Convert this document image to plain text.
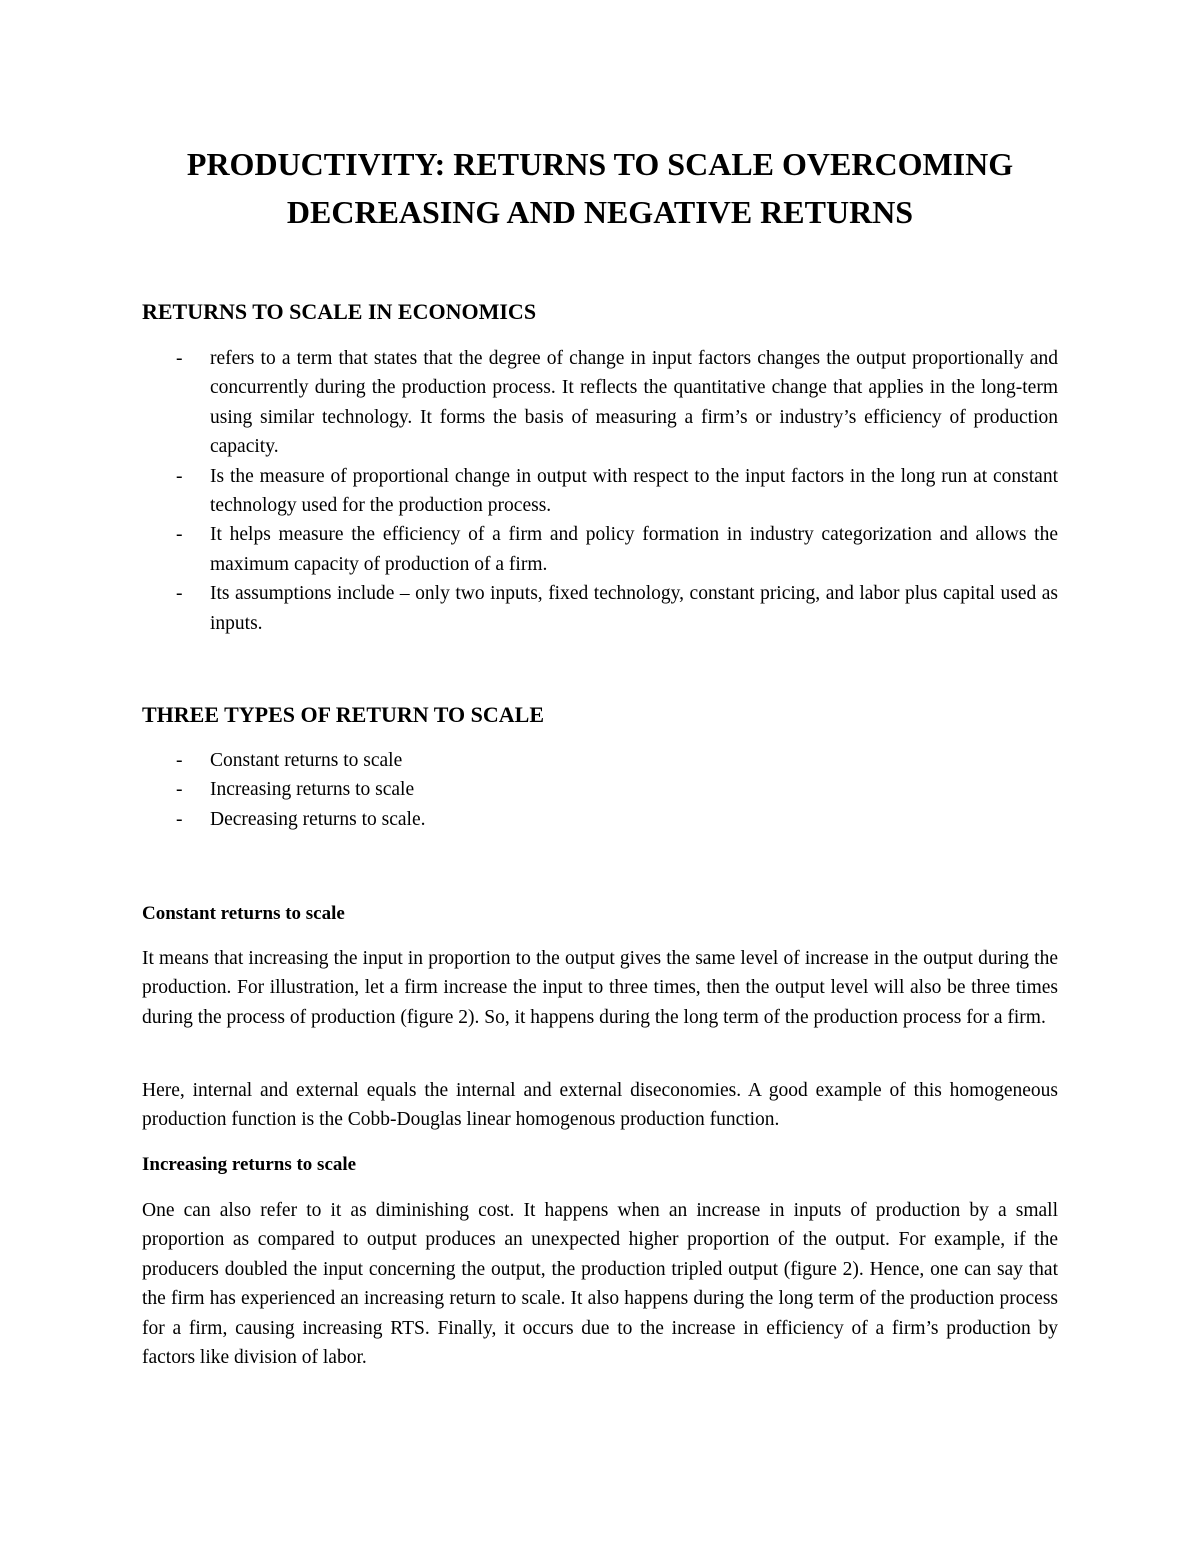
PRODUCTIVITY: RETURNS TO SCALE OVERCOMING
DECREASING AND NEGATIVE RETURNS
RETURNS TO SCALE IN ECONOMICS
- refers to a term that states that the degree of change in input factors changes the output proportionally and concurrently during the production process. It reflects the quantitative change that applies in the long-term using similar technology. It forms the basis of measuring a firm’s or industry’s efficiency of production capacity.
- Is the measure of proportional change in output with respect to the input factors in the long run at constant technology used for the production process.
- It helps measure the efficiency of a firm and policy formation in industry categorization and allows the maximum capacity of production of a firm.
- Its assumptions include – only two inputs, fixed technology, constant pricing, and labor plus capital used as inputs.
THREE TYPES OF RETURN TO SCALE
- Constant returns to scale
- Increasing returns to scale
- Decreasing returns to scale.
Constant returns to scale

It means that increasing the input in proportion to the output gives the same level of increase in the output during the production. For illustration, let a firm increase the input to three times, then the output level will also be three times during the process of production (figure 2). So, it happens during the long term of the production process for a firm.

Here, internal and external equals the internal and external diseconomies. A good example of this homogeneous production function is the Cobb-Douglas linear homogenous production function.

Increasing returns to scale

One can also refer to it as diminishing cost. It happens when an increase in inputs of production by a small proportion as compared to output produces an unexpected higher proportion of the output. For example, if the producers doubled the input concerning the output, the production tripled output (figure 2). Hence, one can say that the firm has experienced an increasing return to scale. It also happens during the long term of the production process for a firm, causing increasing RTS. Finally, it occurs due to the increase in efficiency of a firm’s production by factors like division of labor.
